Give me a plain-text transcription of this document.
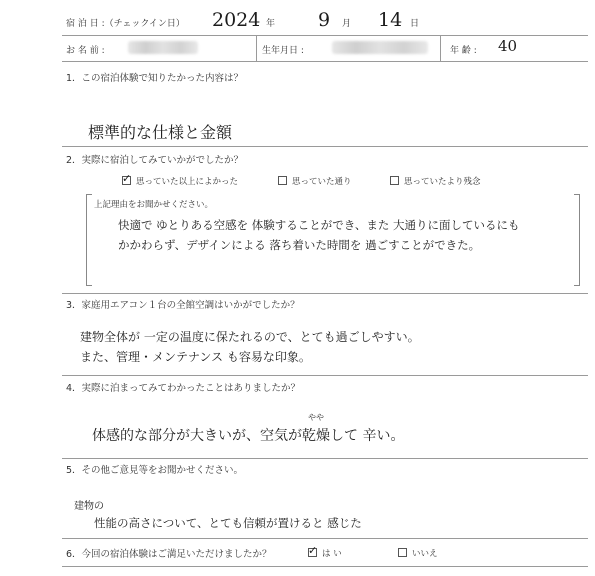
宿 泊 日 :（チェックイン日） 2024 年 9 月 14 日
お 名 前 :	生年月日 :	年 齢 : 40
1．この宿泊体験で知りたかった内容は？
標準的な仕様と金額
2．実際に宿泊してみていかがでしたか？
✓ 思っていた以上によかった	思っていた通り	思っていたより残念
上記理由をお聞かせください。
快適で ゆとりある空感を 体験することができ、また 大通りに面しているにも
かかわらず、デザインによる 落ち着いた時間を 過ごすことができた。
3．家庭用エアコン１台の全館空調はいかがでしたか？
建物全体が 一定の温度に保たれるので、とても過ごしやすい。
また、管理・メンテナンス も容易な印象。
4．実際に泊まってみてわかったことはありましたか？
やや
体感的な部分が大きいが、空気が乾燥して 辛い。
5．その他ご意見等をお聞かせください。
建物の
性能の高さについて、とても信頼が置けると 感じた
6．今回の宿泊体験はご満足いただけましたか？	✓ は い	いいえ
